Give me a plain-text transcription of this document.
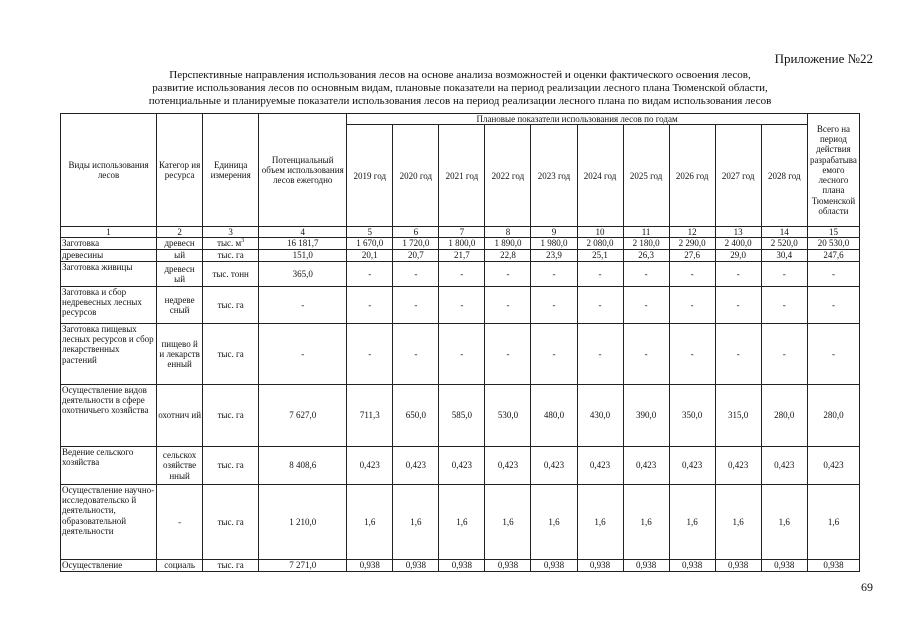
Приложение №22
Перспективные направления использования лесов на основе анализа возможностей и оценки фактического освоения лесов,
развитие использования лесов по основным видам, плановые показатели на период реализации лесного плана Тюменской области,
потенциальные и планируемые показатели использования лесов на период реализации лесного плана по видам использования лесов
Виды использования лесов	Категор ия ресурса	Единица измерения	Потенциальный объем использования лесов ежегодно	Плановые показатели использования лесов по годам										Всего на период действия разрабатыва емого лесного плана Тюменской области
				2019 год	2020 год	2021 год	2022 год	2023 год	2024 год	2025 год	2026 год	2027 год	2028 год	
1	2	3	4	5	6	7	8	9	10	11	12	13	14	15
Заготовка	древесн	тыс. $м^3$	16 181,7	1 670,0	1 720,0	1 800,0	1 890,0	1 980,0	2 080,0	2 180,0	2 290,0	2 400,0	2 520,0	20 530,0
древесины	ый	тыс. га	151,0	20,1	20,7	21,7	22,8	23,9	25,1	26,3	27,6	29,0	30,4	247,6
Заготовка живицы	древесн ый	тыс. тонн	365,0	-	-	-	-	-	-	-	-	-	-	-
Заготовка и сбор недревесных лесных ресурсов	недреве сный	тыс. га	-	-	-	-	-	-	-	-	-	-	-	-
Заготовка пищевых лесных ресурсов и сбор лекарственных растений	пищево й и лекарств енный	тыс. га	-	-	-	-	-	-	-	-	-	-	-	-
Осуществление видов деятельности в сфере охотничьего хозяйства	охотнич ий	тыс. га	7 627,0	711,3	650,0	585,0	530,0	480,0	430,0	390,0	350,0	315,0	280,0	280,0
Ведение сельского хозяйства	сельскох озяйстве нный	тыс. га	8 408,6	0,423	0,423	0,423	0,423	0,423	0,423	0,423	0,423	0,423	0,423	0,423
Осуществление научно-исследовательско й деятельности, образовательной деятельности	-	тыс. га	1 210,0	1,6	1,6	1,6	1,6	1,6	1,6	1,6	1,6	1,6	1,6	1,6
Осуществление	социаль	тыс. га	7 271,0	0,938	0,938	0,938	0,938	0,938	0,938	0,938	0,938	0,938	0,938	0,938
69
